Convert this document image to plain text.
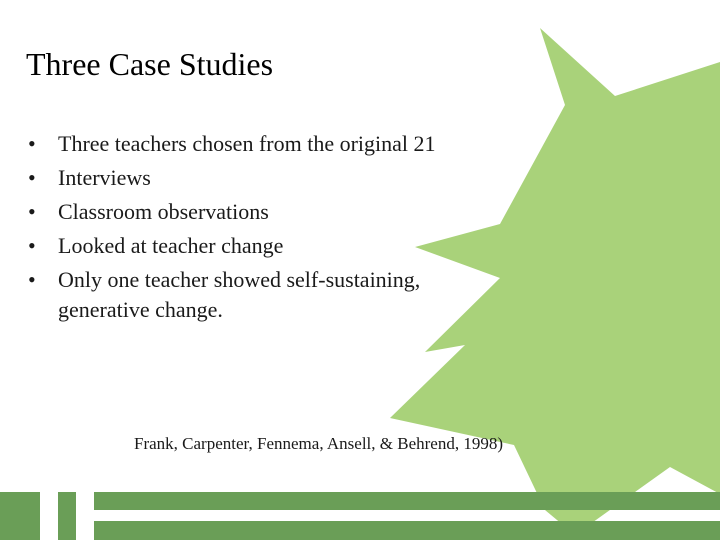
Three Case Studies
•	Three teachers chosen from the original 21
•	Interviews
•	Classroom observations
•	Looked at teacher change
•	Only one teacher showed self-sustaining, generative change.
Frank, Carpenter, Fennema, Ansell, & Behrend, 1998)
